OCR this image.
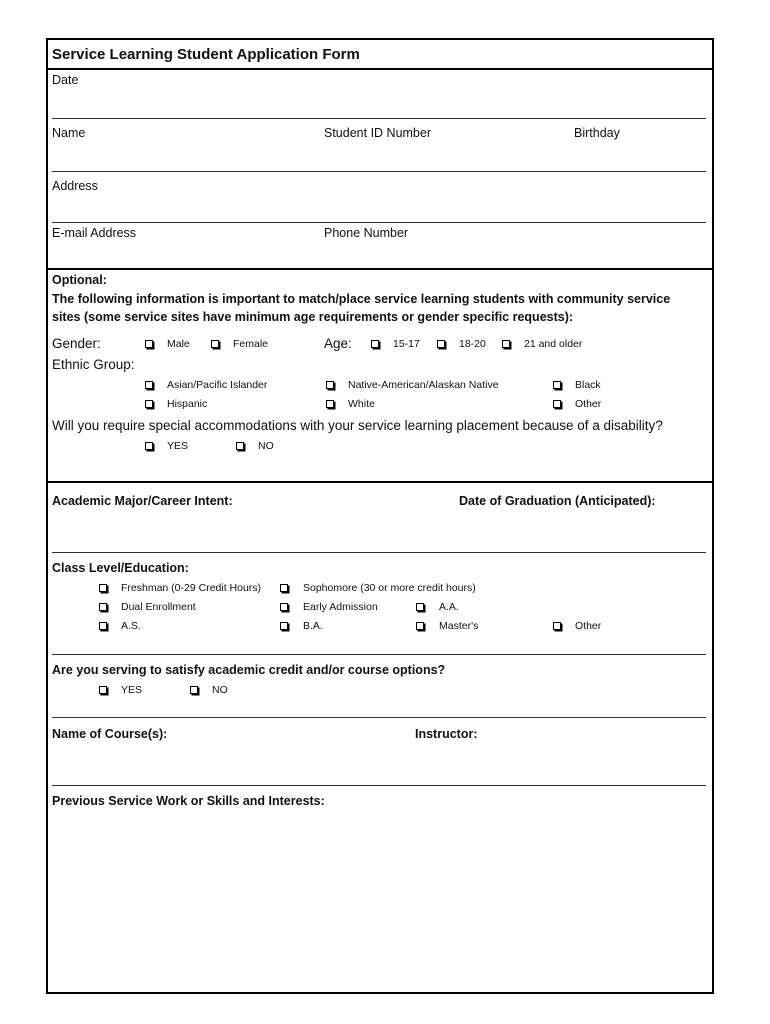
Service Learning Student Application Form
Date
Name	Student ID Number	Birthday
Address
E-mail Address	Phone Number
Optional:
The following information is important to match/place service learning students with community service
sites (some service sites have minimum age requirements or gender specific requests):
Gender:	Male	Female	Age:	15-17	18-20	21 and older
Ethnic Group:
Asian/Pacific Islander	Native-American/Alaskan Native	Black
Hispanic	White	Other
Will you require special accommodations with your service learning placement because of a disability?
YES	NO
Academic Major/Career Intent:	Date of Graduation (Anticipated):
Class Level/Education:
Freshman (0-29 Credit Hours)	Sophomore (30 or more credit hours)
Dual Enrollment	Early Admission	A.A.
A.S.	B.A.	Master's	Other
Are you serving to satisfy academic credit and/or course options?
YES	NO
Name of Course(s):	Instructor:
Previous Service Work or Skills and Interests:
